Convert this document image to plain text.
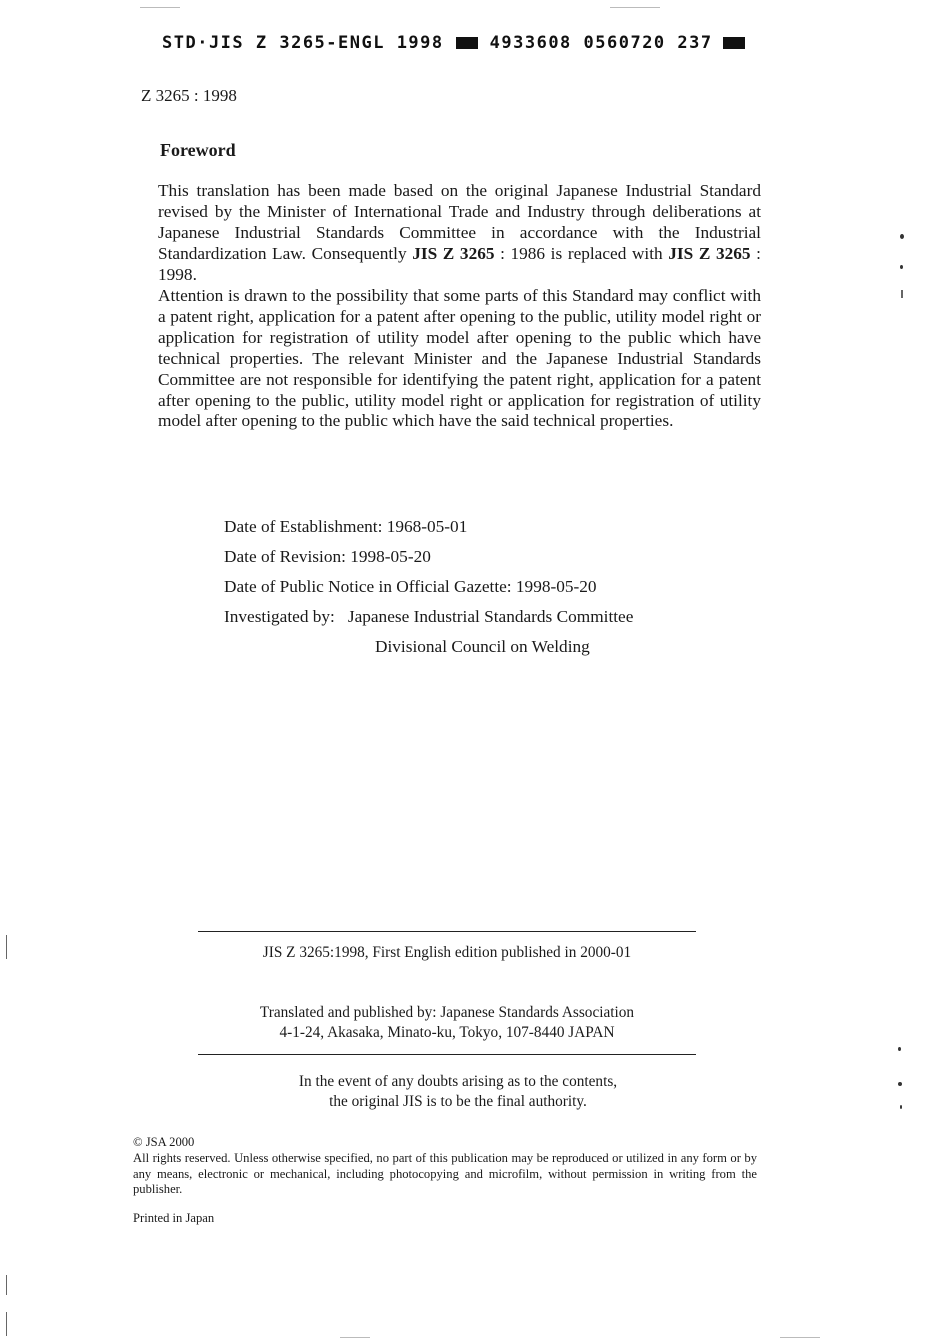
STD·JIS Z 3265-ENGL 1998	4933608 0560720 237
Z 3265 : 1998
Foreword

This translation has been made based on the original Japanese Industrial Standard revised by the Minister of International Trade and Industry through deliberations at Japanese Industrial Standards Committee in accordance with the Industrial Standardization Law. Consequently JIS Z 3265 : 1986 is replaced with JIS Z 3265 : 1998.

Attention is drawn to the possibility that some parts of this Standard may conflict with a patent right, application for a patent after opening to the public, utility model right or application for registration of utility model after opening to the public which have technical properties. The relevant Minister and the Japanese Industrial Standards Committee are not responsible for identifying the patent right, application for a patent after opening to the public, utility model right or application for registration of utility model after opening to the public which have the said technical properties.

Date of Establishment: 1968-05-01
Date of Revision: 1998-05-20
Date of Public Notice in Official Gazette: 1998-05-20
Investigated by: Japanese Industrial Standards Committee
Divisional Council on Welding
JIS Z 3265:1998, First English edition published in 2000-01
Translated and published by: Japanese Standards Association
4-1-24, Akasaka, Minato-ku, Tokyo, 107-8440 JAPAN
In the event of any doubts arising as to the contents,
the original JIS is to be the final authority.
© JSA 2000
All rights reserved. Unless otherwise specified, no part of this publication may be reproduced or utilized in any form or by any means, electronic or mechanical, including photocopying and microfilm, without permission in writing from the publisher.
Printed in Japan
